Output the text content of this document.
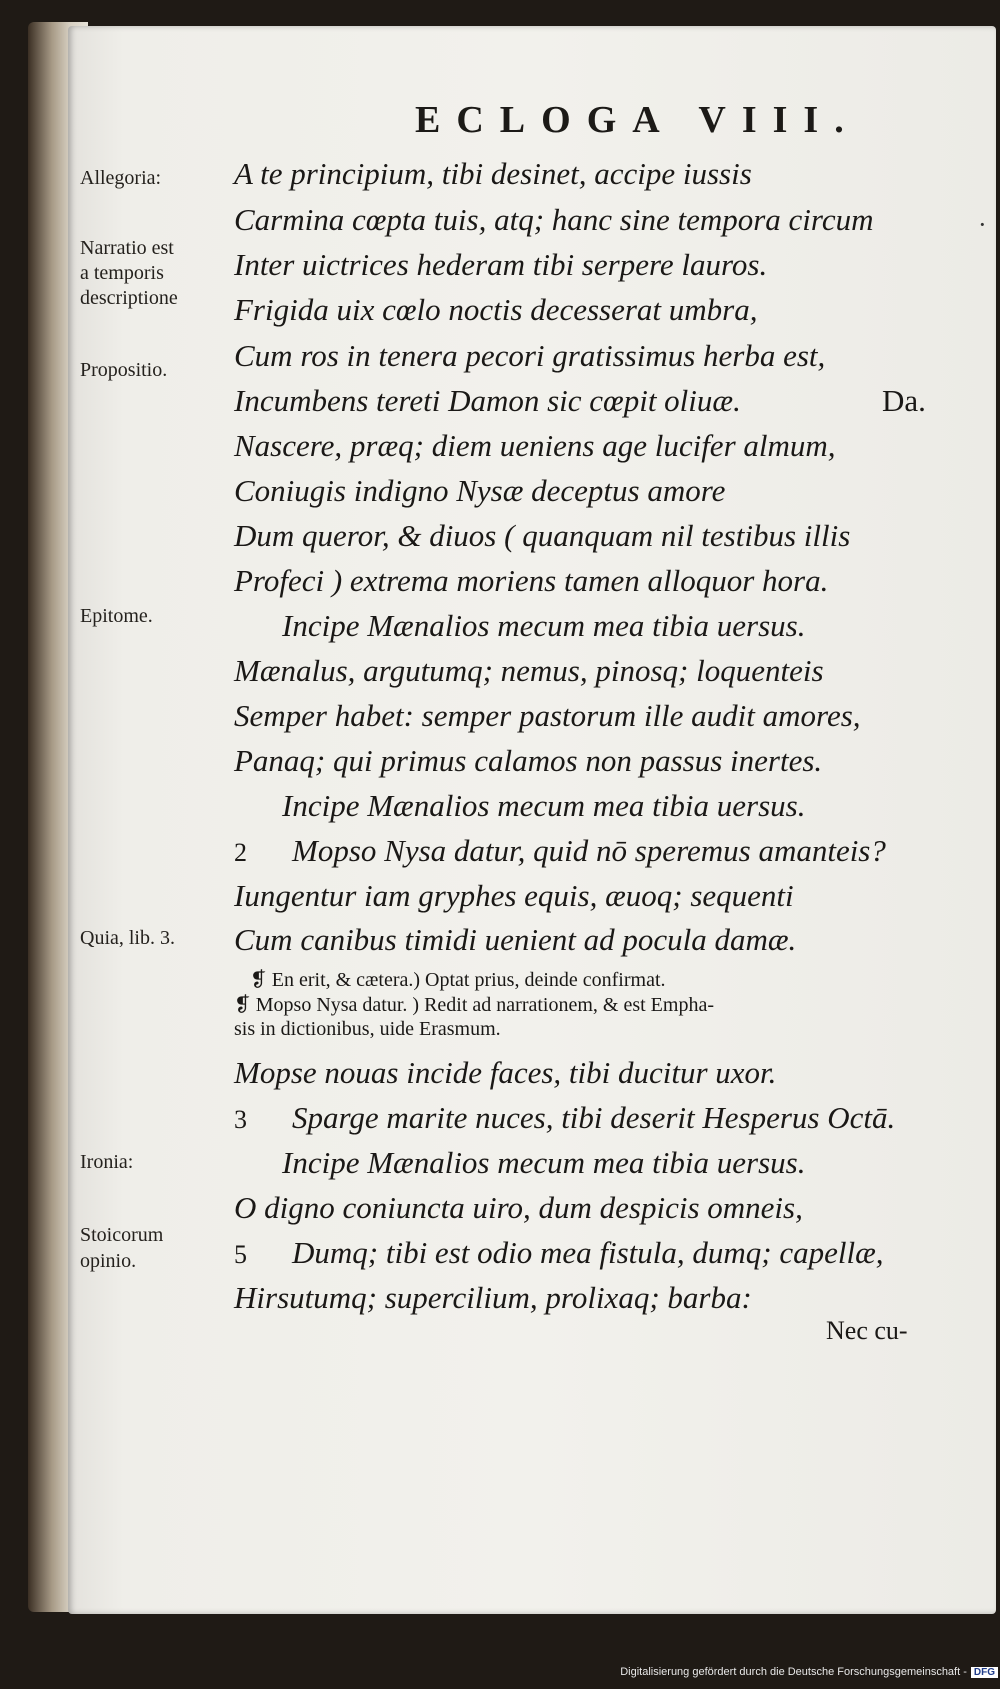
ECLOGA VIII.
·
Allegoria:
Narratio est
a temporis
descriptione
Propositio.
Epitome.
Quia, lib. 3.
Ironia:
Stoicorum
opinio.
A te principium, tibi desinet, accipe iussis
Carmina cœpta tuis, atq; hanc sine tempora circum
Inter uictrices hederam tibi serpere lauros.
Frigida uix cœlo noctis decesserat umbra,
Cum ros in tenera pecori gratissimus herba est,
Incumbens tereti Damon sic cœpit oliuæ.	Da.
Nascere, præq; diem ueniens age lucifer almum,
Coniugis indigno Nysæ deceptus amore
Dum queror, & diuos ( quanquam nil testibus illis
Profeci ) extrema moriens tamen alloquor hora.
Incipe Mænalios mecum mea tibia uersus.
Mænalus, argutumq; nemus, pinosq; loquenteis
Semper habet: semper pastorum ille audit amores,
Panaq; qui primus calamos non passus inertes.
Incipe Mænalios mecum mea tibia uersus.
2 Mopso Nysa datur, quid nō speremus amanteis?
Iungentur iam gryphes equis, æuoq; sequenti
Cum canibus timidi uenient ad pocula damæ.
❡ En erit, & cætera.) Optat prius, deinde confirmat.
❡ Mopso Nysa datur. ) Redit ad narrationem, & est Empha-
sis in dictionibus, uide Erasmum.
Mopse nouas incide faces, tibi ducitur uxor.
3 Sparge marite nuces, tibi deserit Hesperus Octā.
Incipe Mænalios mecum mea tibia uersus.
O digno coniuncta uiro, dum despicis omneis,
5 Dumq; tibi est odio mea fistula, dumq; capellæ,
Hirsutumq; supercilium, prolixaq; barba:
Nec cu-
Digitalisierung gefördert durch die Deutsche Forschungsgemeinschaft - DFG
